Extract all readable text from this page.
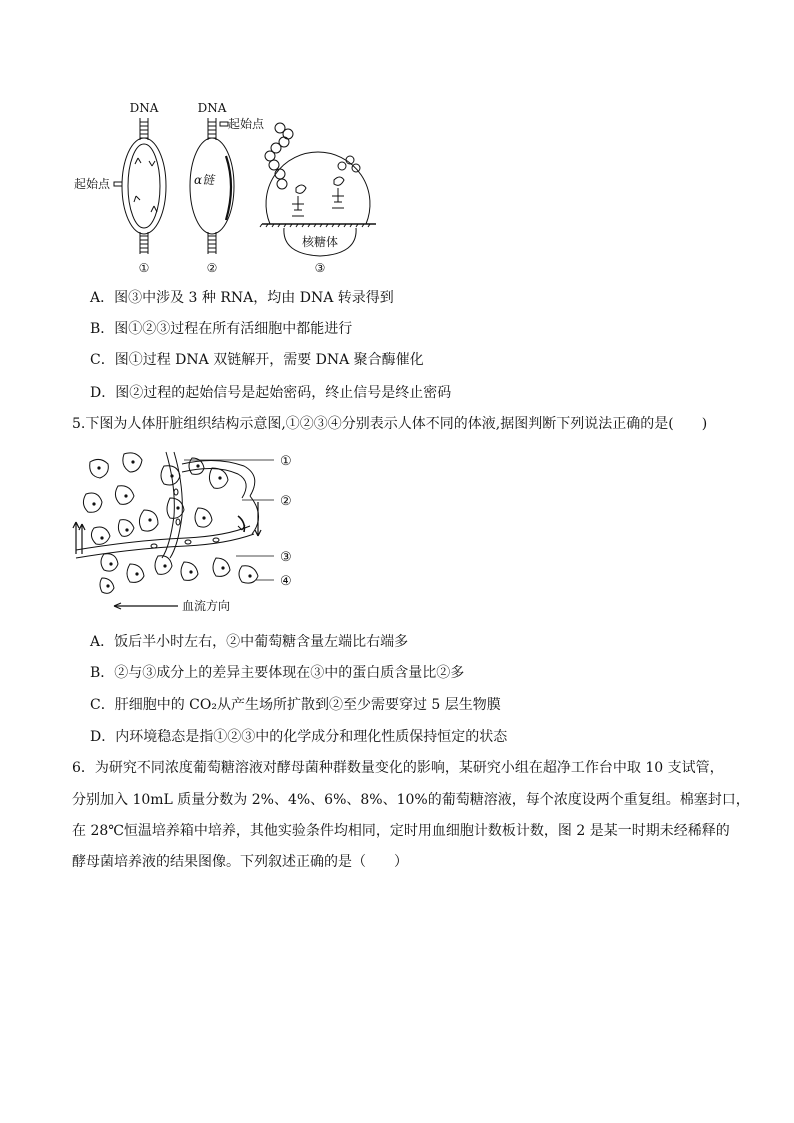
DNA
起始点
①
DNA
起始点
α链
②
核糖体
③
A．图③中涉及 3 种 RNA，均由 DNA 转录得到
B．图①②③过程在所有活细胞中都能进行
C．图①过程 DNA 双链解开，需要 DNA 聚合酶催化
D．图②过程的起始信号是起始密码，终止信号是终止密码
5.下图为人体肝脏组织结构示意图,①②③④分别表示人体不同的体液,据图判断下列说法正确的是(　　)
①
②
③
④
血流方向
A．饭后半小时左右，②中葡萄糖含量左端比右端多
B．②与③成分上的差异主要体现在③中的蛋白质含量比②多
C．肝细胞中的 CO₂从产生场所扩散到②至少需要穿过 5 层生物膜
D．内环境稳态是指①②③中的化学成分和理化性质保持恒定的状态
6．为研究不同浓度葡萄糖溶液对酵母菌种群数量变化的影响，某研究小组在超净工作台中取 10 支试管，
分别加入 10mL 质量分数为 2%、4%、6%、8%、10%的葡萄糖溶液，每个浓度设两个重复组。棉塞封口，
在 28℃恒温培养箱中培养，其他实验条件均相同，定时用血细胞计数板计数，图 2 是某一时期未经稀释的
酵母菌培养液的结果图像。下列叙述正确的是（　　）
